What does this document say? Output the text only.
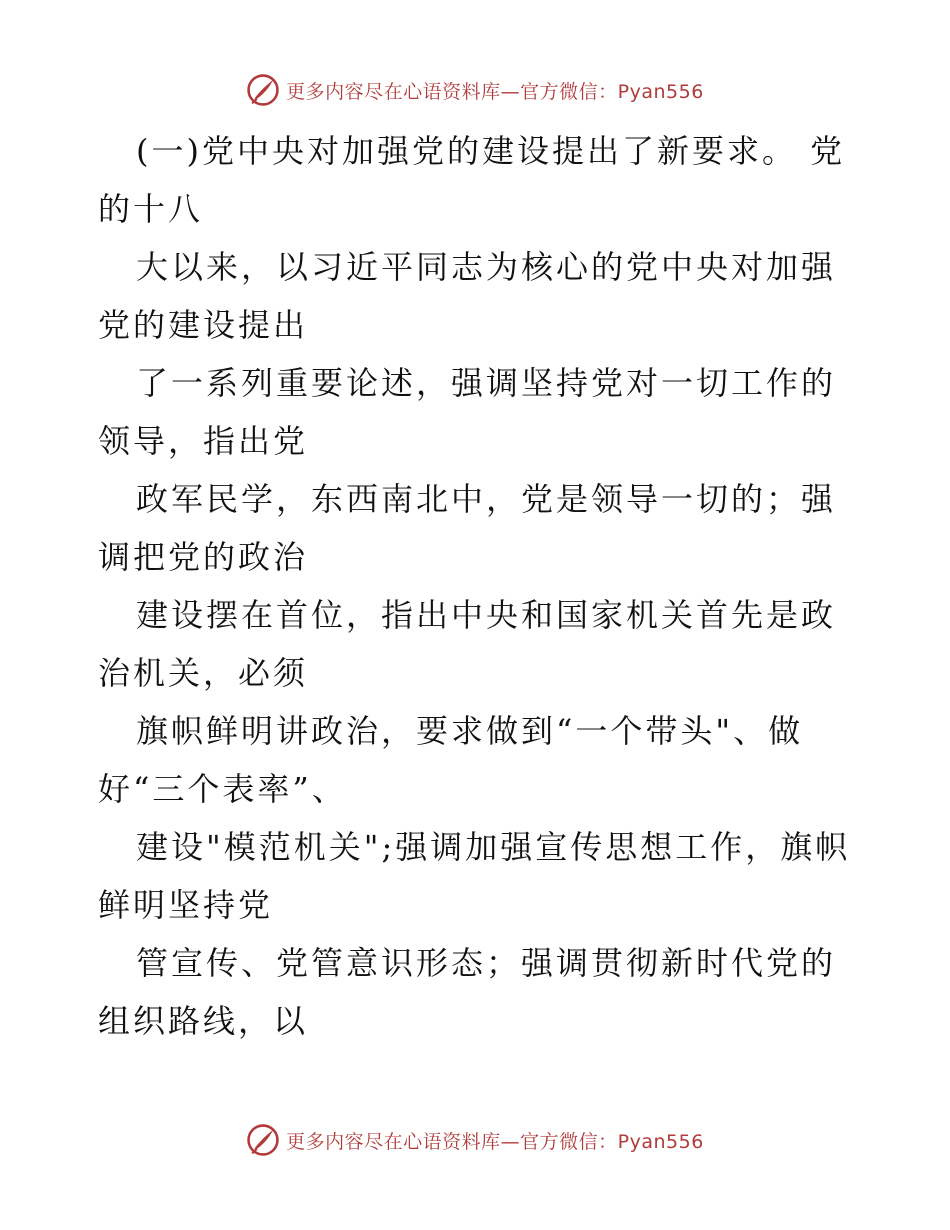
更多内容尽在心语资料库—官方微信：Pyan556

(一)党中央对加强党的建设提出了新要求。 党的十八

大以来，以习近平同志为核心的党中央对加强党的建设提出

了一系列重要论述，强调坚持党对一切工作的领导，指出党

政军民学，东西南北中，党是领导一切的；强调把党的政治

建设摆在首位，指出中央和国家机关首先是政治机关，必须

旗帜鲜明讲政治，要求做到“一个带头"、做好“三个表率”、

建设"模范机关";强调加强宣传思想工作，旗帜鲜明坚持党

管宣传、党管意识形态；强调贯彻新时代党的组织路线，以

更多内容尽在心语资料库—官方微信：Pyan556
